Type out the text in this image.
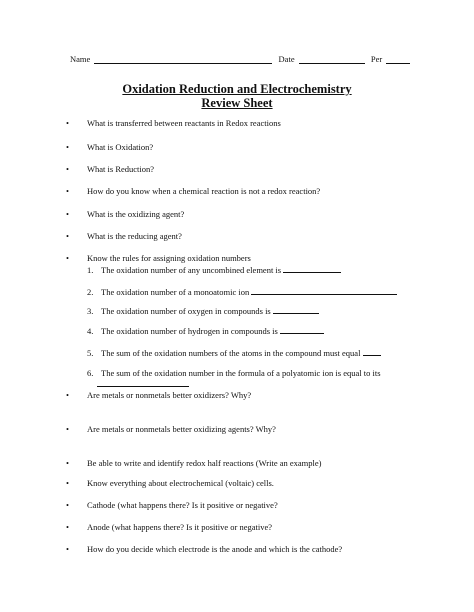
Name	Date	Per
Oxidation Reduction and Electrochemistry
Review Sheet
• What is transferred between reactants in Redox reactions
• What is Oxidation?
• What is Reduction?
• How do you know when a chemical reaction is not a redox reaction?
• What is the oxidizing agent?
• What is the reducing agent?
• Know the rules for assigning oxidation numbers
1. The oxidation number of any uncombined element is
2. The oxidation number of a monoatomic ion
3. The oxidation number of oxygen in compounds is
4. The oxidation number of hydrogen in compounds is
5. The sum of the oxidation numbers of the atoms in the compound must equal
6. The sum of the oxidation number in the formula of a polyatomic ion is equal to its
• Are metals or nonmetals better oxidizers? Why?
• Are metals or nonmetals better oxidizing agents? Why?
• Be able to write and identify redox half reactions (Write an example)
• Know everything about electrochemical (voltaic) cells.
• Cathode (what happens there? Is it positive or negative?
• Anode (what happens there? Is it positive or negative?
• How do you decide which electrode is the anode and which is the cathode?
